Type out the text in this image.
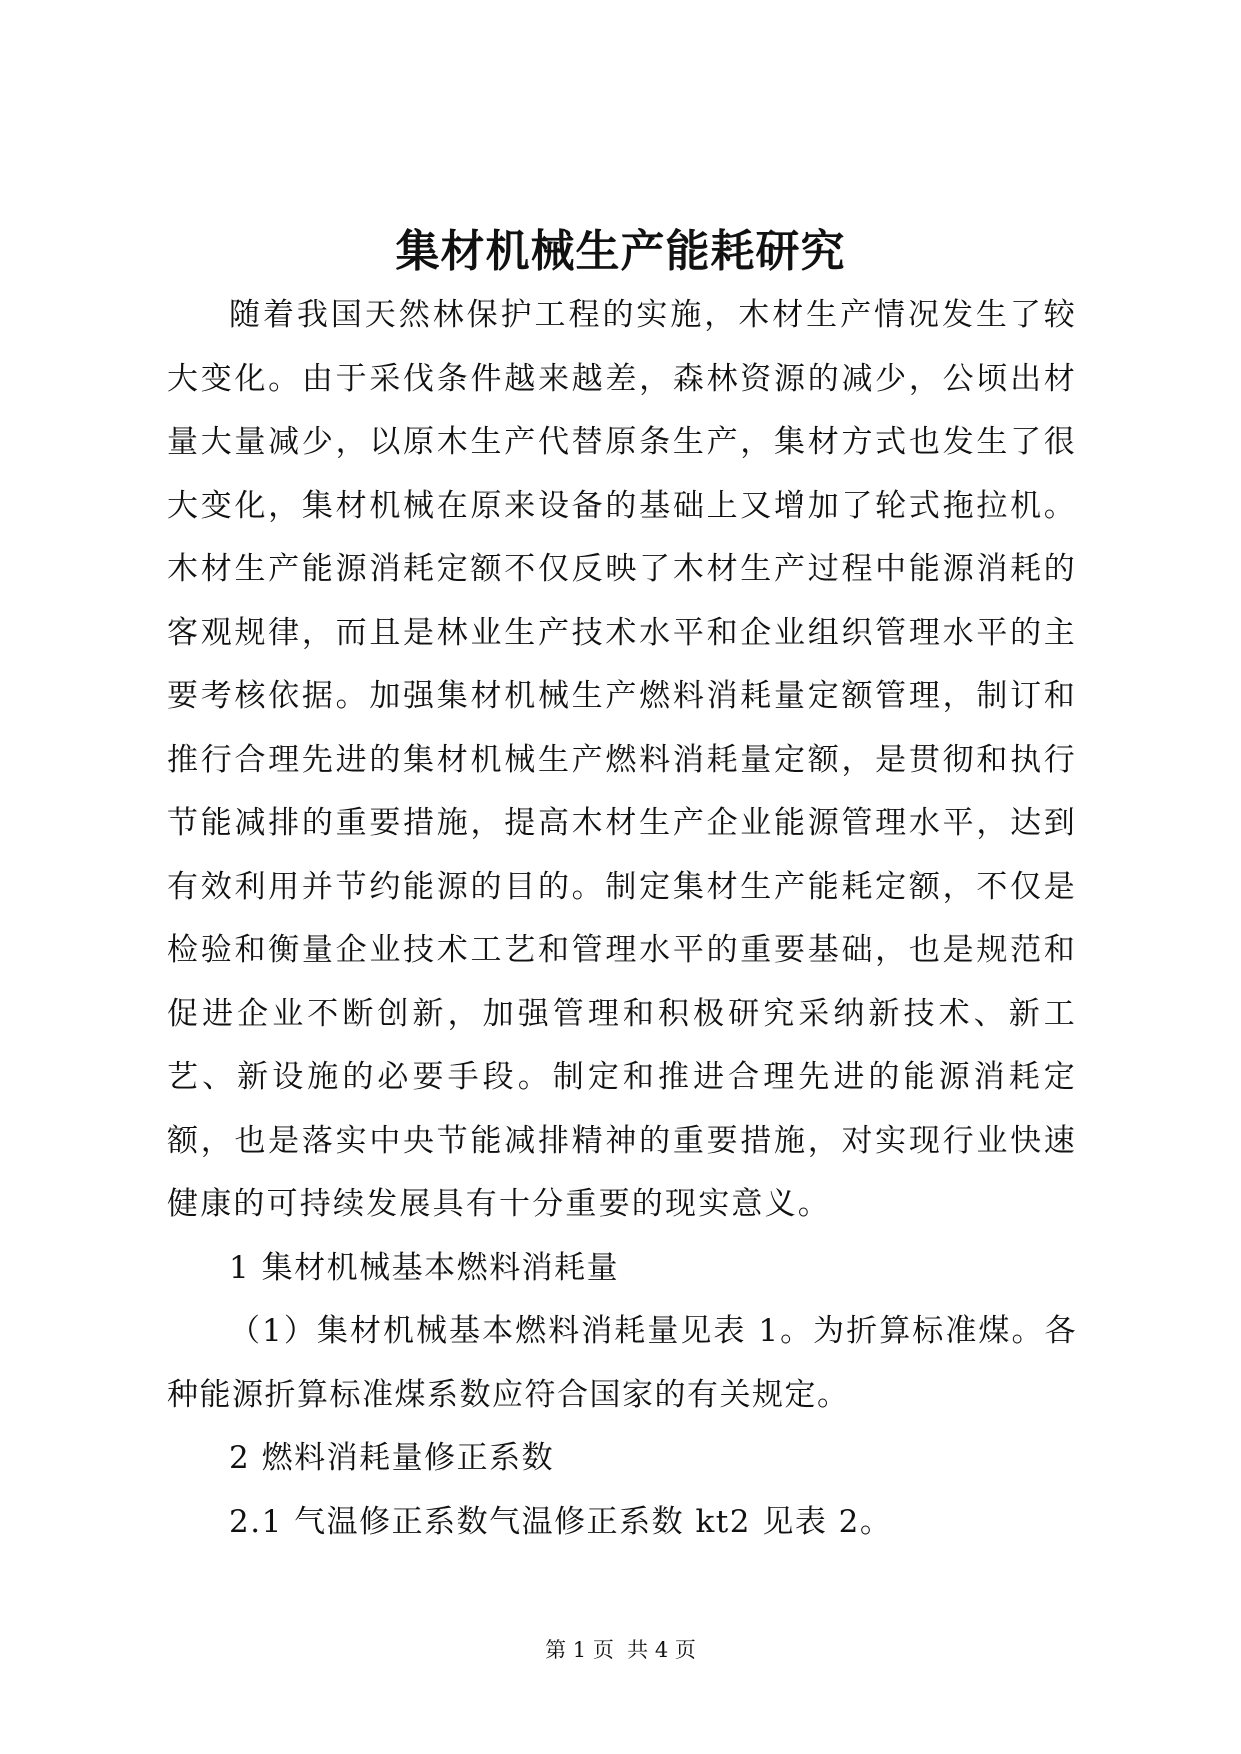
集材机械生产能耗研究

随着我国天然林保护工程的实施，木材生产情况发生了较大变化。由于采伐条件越来越差，森林资源的减少，公顷出材量大量减少，以原木生产代替原条生产，集材方式也发生了很大变化，集材机械在原来设备的基础上又增加了轮式拖拉机。木材生产能源消耗定额不仅反映了木材生产过程中能源消耗的客观规律，而且是林业生产技术水平和企业组织管理水平的主要考核依据。加强集材机械生产燃料消耗量定额管理，制订和推行合理先进的集材机械生产燃料消耗量定额，是贯彻和执行节能减排的重要措施，提高木材生产企业能源管理水平，达到有效利用并节约能源的目的。制定集材生产能耗定额，不仅是检验和衡量企业技术工艺和管理水平的重要基础，也是规范和促进企业不断创新，加强管理和积极研究采纳新技术、新工艺、新设施的必要手段。制定和推进合理先进的能源消耗定额，也是落实中央节能减排精神的重要措施，对实现行业快速健康的可持续发展具有十分重要的现实意义。

1 集材机械基本燃料消耗量

（1）集材机械基本燃料消耗量见表 1。为折算标准煤。各种能源折算标准煤系数应符合国家的有关规定。

2 燃料消耗量修正系数

2.1 气温修正系数气温修正系数 kt2 见表 2。

第 1 页  共 4 页
